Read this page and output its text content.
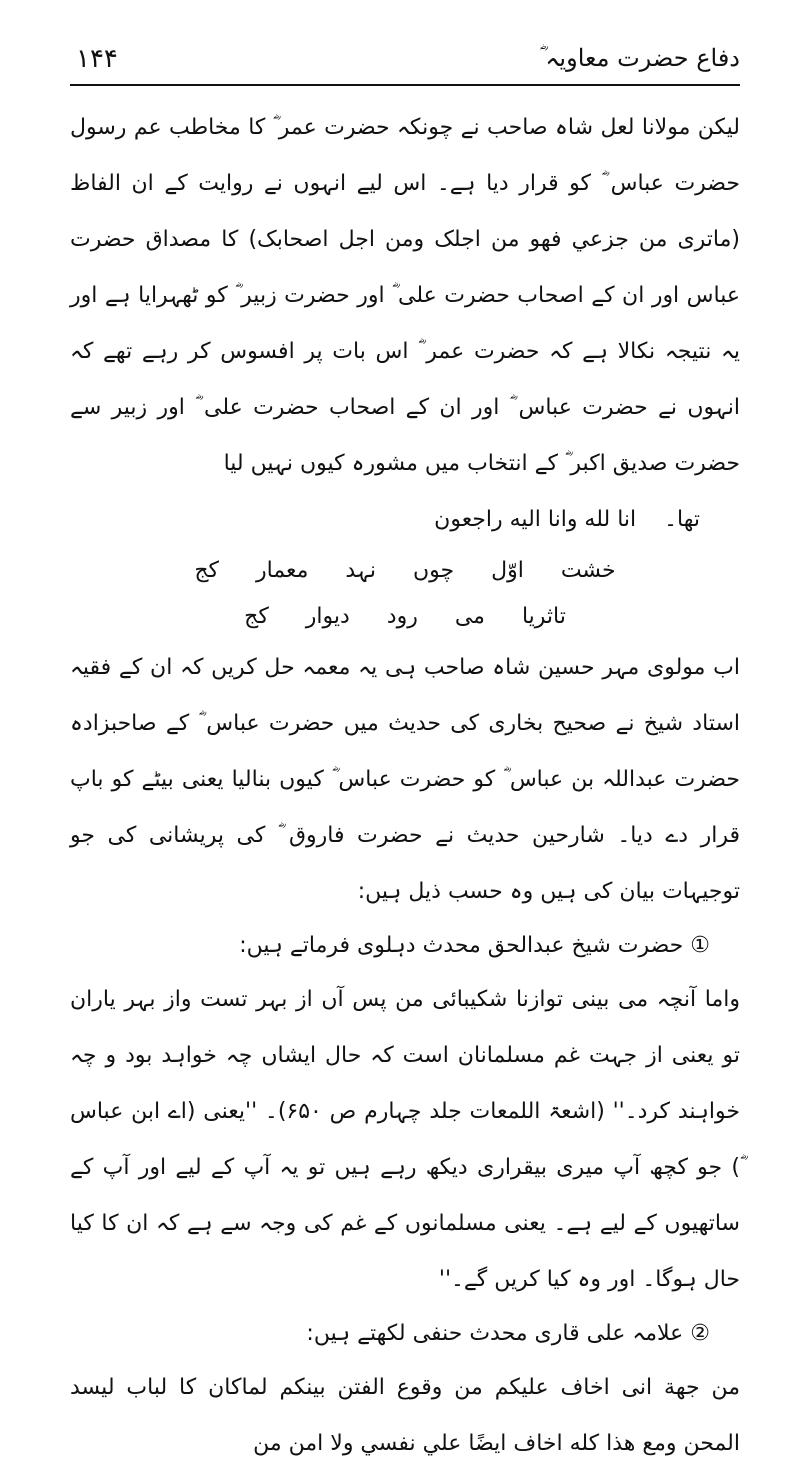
۱۴۴	دفاع حضرت معاویہ ؓ

لیکن مولانا لعل شاہ صاحب نے چونکہ حضرت عمر ؓ کا مخاطب عم رسول حضرت عباس ؓ کو قرار دیا ہے۔ اس لیے انہوں نے روایت کے ان الفاظ (ماترى من جزعي فهو من اجلک ومن اجل اصحابک) کا مصداق حضرت عباس اور ان کے اصحاب حضرت علی ؓ اور حضرت زبیر ؓ کو ٹھہرایا ہے اور یہ نتیجہ نکالا ہے کہ حضرت عمر ؓ اس بات پر افسوس کر رہے تھے کہ انہوں نے حضرت عباس ؓ اور ان کے اصحاب حضرت علی ؓ اور زبیر سے حضرت صدیق اکبر ؓ کے انتخاب میں مشورہ کیوں نہیں لیا

تھا۔    انا لله وانا اليه راجعون

خشت اوّل چوں نہد معمار کج

تاثریا می رود دیوار کج

اب مولوی مہر حسین شاہ صاحب ہی یہ معمہ حل کریں کہ ان کے فقیہ استاد شیخ نے صحیح بخاری کی حدیث میں حضرت عباس ؓ کے صاحبزادہ حضرت عبداللہ بن عباس ؓ کو حضرت عباس ؓ کیوں بنالیا یعنی بیٹے کو باپ قرار دے دیا۔ شارحین حدیث نے حضرت فاروق ؓ کی پریشانی کی جو توجیہات بیان کی ہیں وہ حسب ذیل ہیں:

① حضرت شیخ عبدالحق محدث دہلوی فرماتے ہیں:

واما آنچہ می بینی توازنا شکیبائی من پس آں از بہر تست واز بہر یاران تو یعنی از جہت غم مسلمانان است کہ حال ایشاں چہ خواہد بود و چہ خواہند کرد۔'' (اشعۃ اللمعات جلد چہارم ص ۶۵۰)۔ ''یعنی (اے ابن عباس ؓ) جو کچھ آپ میری بیقراری دیکھ رہے ہیں تو یہ آپ کے لیے اور آپ کے ساتھیوں کے لیے ہے۔ یعنی مسلمانوں کے غم کی وجہ سے ہے کہ ان کا کیا حال ہوگا۔ اور وہ کیا کریں گے۔''

② علامہ علی قاری محدث حنفی لکھتے ہیں:

من جهة انی اخاف عليكم من وقوع الفتن بينكم لماكان كا لباب ليسد المحن ومع هذا كله اخاف ايضًا علي نفسي ولا امن من
